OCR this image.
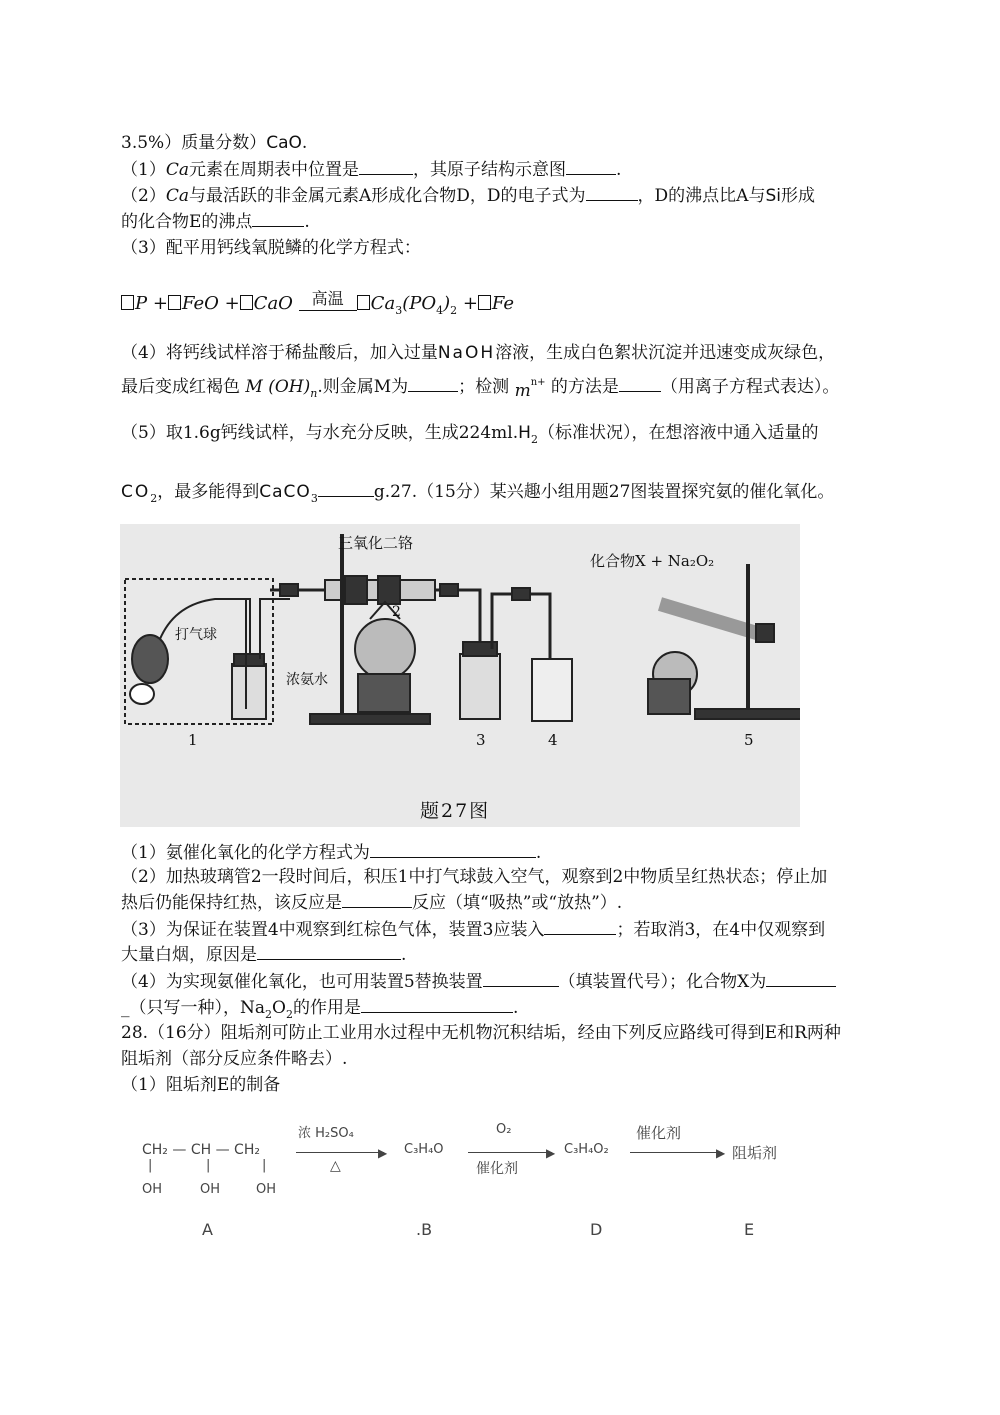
3.5%）质量分数）CaO.
（1）Ca元素在周期表中位置是	，其原子结构示意图	.
（2）Ca与最活跃的非金属元素A形成化合物D，D的电子式为	，D的沸点比A与Si形成
的化合物E的沸点	.
（3）配平用钙线氧脱鳞的化学方程式：
P + FeO + CaO	高温	$Ca_3(PO_4)_2 + Fe$
（4）将钙线试样溶于稀盐酸后，加入过量NaOH溶液，生成白色絮状沉淀并迅速变成灰绿色，
最后变成红褐色 M $(OH)_n$.则金属M为	；检测 $m^{n+}$ 的方法是 （用离子方程式表达）。
（5）取1.6g钙线试样，与水充分反映，生成$224ml.H_2$（标准状况），在想溶液中通入适量的
$CO_2$，最多能得到CaCO$_3$	g.27.（15分）某兴趣小组用题27图装置探究氨的催化氧化。
三氧化二铬
化合物X + Na₂O₂
打气球
浓氨水
1
2
3	4	5
题27图
（1）氨催化氧化的化学方程式为	.
（2）加热玻璃管2一段时间后，积压1中打气球鼓入空气，观察到2中物质呈红热状态；停止加
热后仍能保持红热，该反应是	反应（填“吸热”或“放热”）.
（3）为保证在装置4中观察到红棕色气体，装置3应装入	；若取消3，在4中仅观察到
大量白烟，原因是	.
（4）为实现氨催化氧化，也可用装置5替换装置	（填装置代号）；化合物X为
_（只写一种），$Na_2O_2$的作用是	.
28.（16分）阻垢剂可防止工业用水过程中无机物沉积结垢，经由下列反应路线可得到E和R两种
阻垢剂（部分反应条件略去）.
（1）阻垢剂E的制备
CH₂ — CH — CH₂
|	|	|
OH	OH	OH
浓 H₂SO₄
▶
△
C₃H₄O
O₂
▶
催化剂
C₃H₄O₂
催化剂
▶ 阻垢剂
A	.B	D	E
